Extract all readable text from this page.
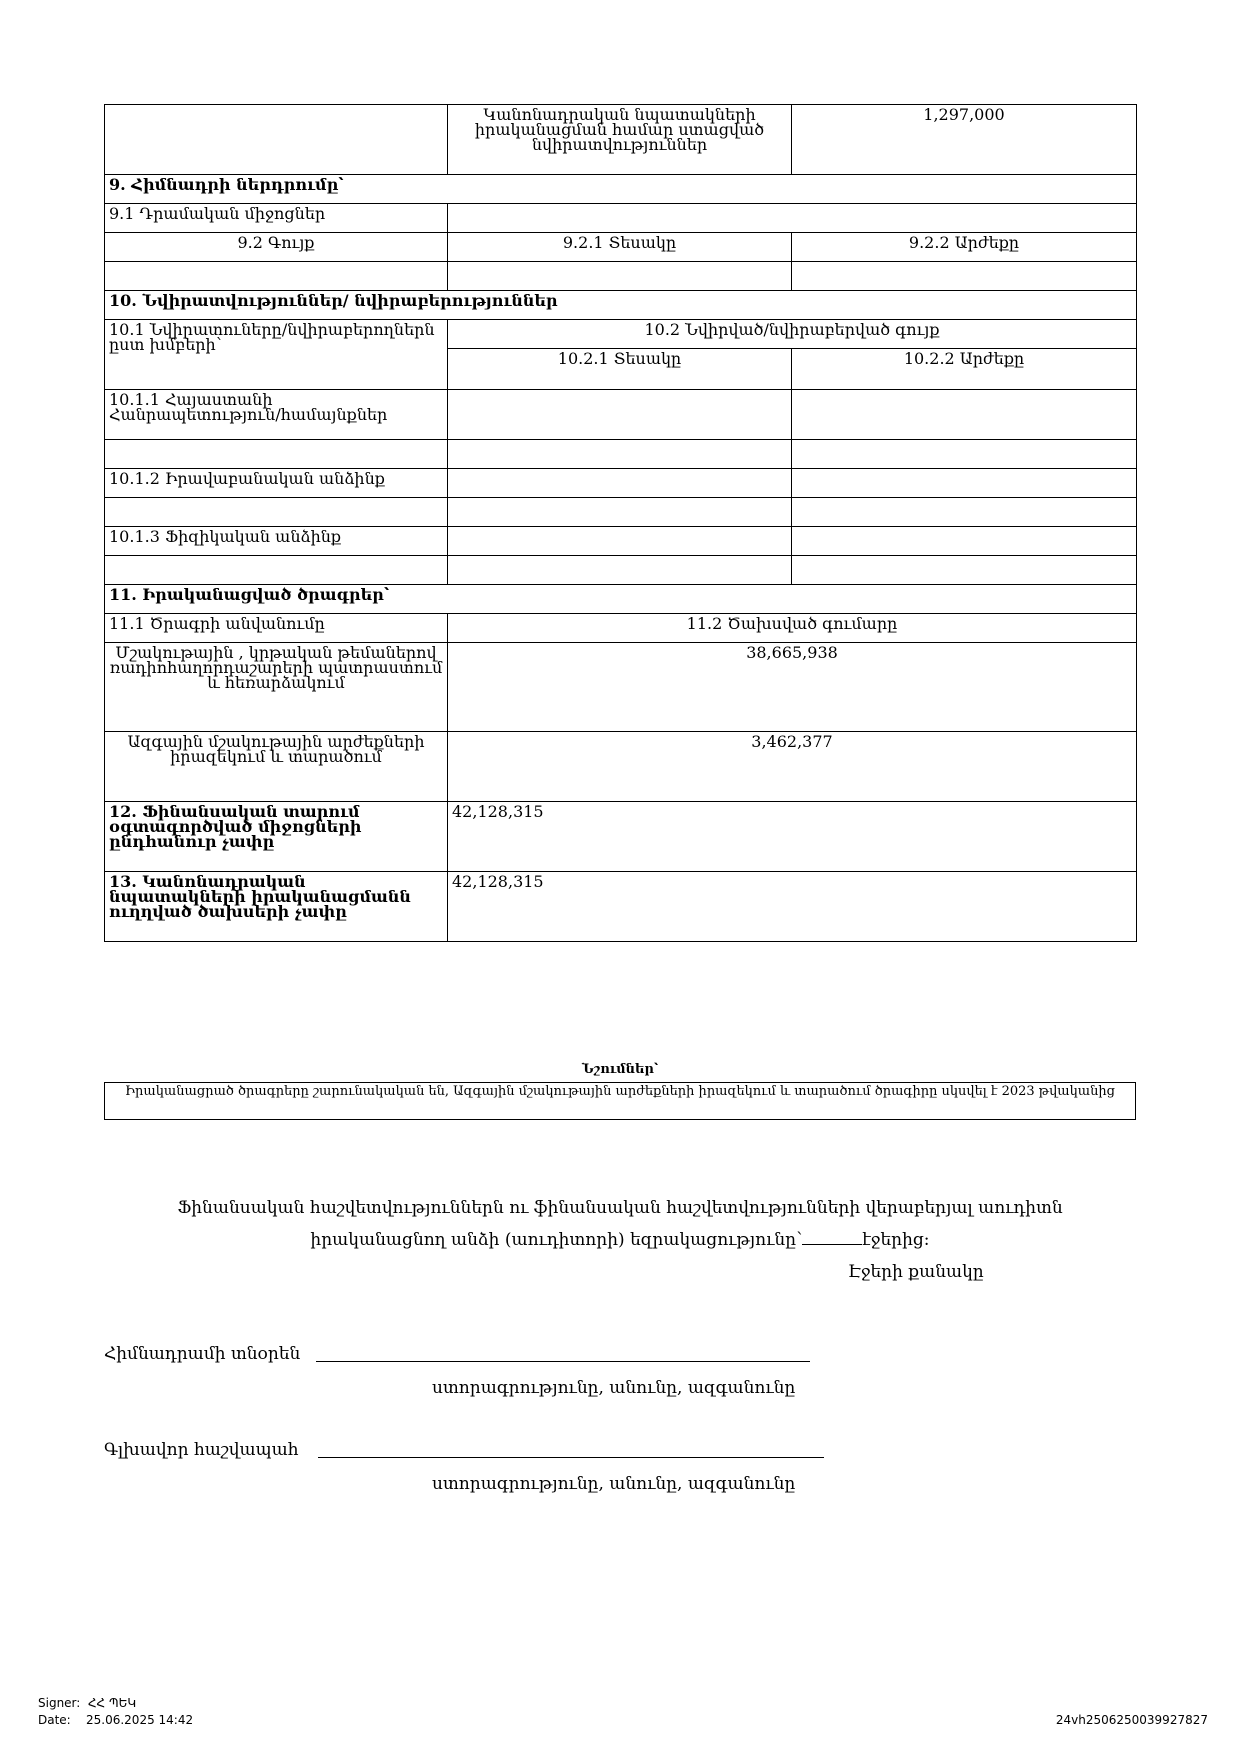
	Կանոնադրական նպատակների իրականացման համար ստացված նվիրատվություններ	1,297,000
9. Հիմնադրի ներդրումը՝		
9.1 Դրամական միջոցներ		
9.2 Գույք	9.2.1 Տեսակը	9.2.2 Արժեքը

10. Նվիրատվություններ/ նվիրաբերություններ		
10.1 Նվիրատուները/նվիրաբերողներն ըստ խմբերի՝	10.2 Նվիրված/նվիրաբերված գույք	
	10.2.1 Տեսակը	10.2.2 Արժեքը
10.1.1 Հայաստանի Հանրապետություն/համայնքներ		

10.1.2 Իրավաբանական անձինք		

10.1.3 Ֆիզիկական անձինք		

11. Իրականացված ծրագրեր՝		
11.1 Ծրագրի անվանումը	11.2 Ծախսված գումարը	
Մշակութային , կրթական թեմաներով ռադիոհաղորդաշարերի պատրաստում և հեռարձակում	38,665,938	
Ազգային մշակութային արժեքների իրազեկում և տարածում	3,462,377	
12. Ֆինանսական տարում օգտագործված միջոցների ընդհանուր չափը	42,128,315	
13. Կանոնադրական նպատակների իրականացմանն ուղղված ծախսերի չափը	42,128,315	
Նշումներ՝
Իրականացրած ծրագրերը շարունակական են, Ազգային մշակութային արժեքների իրազեկում և տարածում ծրագիրը սկսվել է 2023 թվականից
Ֆինանսական հաշվետվություններն ու ֆինանսական հաշվետվությունների վերաբերյալ աուդիտն
իրականացնող անձի (աուդիտորի) եզրակացությունը՝	էջերից։
Էջերի քանակը
Հիմնադրամի տնօրեն
ստորագրությունը, անունը, ազգանունը
Գլխավոր հաշվապահ
ստորագրությունը, անունը, ազգանունը
Signer: ՀՀ ՊԵԿ
Date: 25.06.2025 14:42	24vh2506250039927827
